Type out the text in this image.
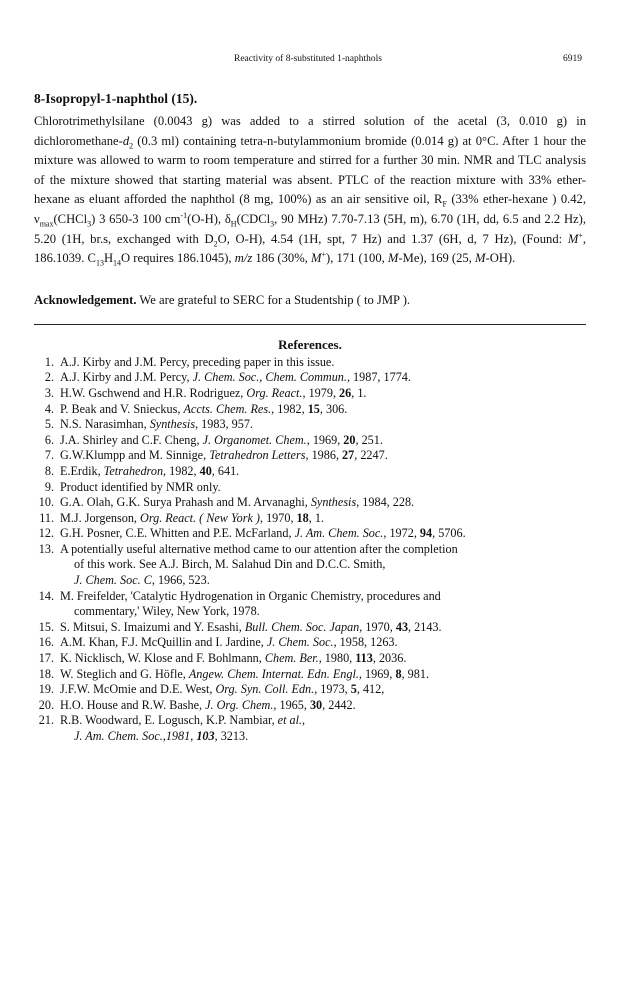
Reactivity of 8-substituted 1-naphthols	6919
8-Isopropyl-1-naphthol (15).

Chlorotrimethylsilane (0.0043 g) was added to a stirred solution of the acetal (3, 0.010 g) in dichloromethane-$d_2$ (0.3 ml) containing tetra-n-butylammonium bromide (0.014 g) at 0°C. After 1 hour the mixture was allowed to warm to room temperature and stirred for a further 30 min. NMR and TLC analysis of the mixture showed that starting material was absent. PTLC of the reaction mixture with 33% ether-hexane as eluant afforded the naphthol (8 mg, 100%) as an air sensitive oil, $R_F$ (33% ether-hexane ) 0.42, $\nu_{max}(CHCl_3)$ 3 650-3 100 $cm^{-1}(O-H)$, $\delta_H(CDCl_3$, 90 MHz) 7.70-7.13 (5H, m), 6.70 (1H, dd, 6.5 and 2.2 Hz), 5.20 (1H, br.s, exchanged with $D_2O$, O-H), 4.54 (1H, spt, 7 Hz) and 1.37 (6H, d, 7 Hz), (Found: M+, 186.1039. $C_{13}H_{14}O$ requires 186.1045), m/z 186 (30%, M+), 171 (100, M-Me), 169 (25, M-OH).

Acknowledgement. We are grateful to SERC for a Studentship ( to JMP ).

References.
1. A.J. Kirby and J.M. Percy, preceding paper in this issue.
2. A.J. Kirby and J.M. Percy, J. Chem. Soc., Chem. Commun., 1987, 1774.
3. H.W. Gschwend and H.R. Rodriguez, Org. React., 1979, 26, 1.
4. P. Beak and V. Snieckus, Accts. Chem. Res., 1982, 15, 306.
5. N.S. Narasimhan, Synthesis, 1983, 957.
6. J.A. Shirley and C.F. Cheng, J. Organomet. Chem., 1969, 20, 251.
7. G.W.Klumpp and M. Sinnige, Tetrahedron Letters, 1986, 27, 2247.
8. E.Erdik, Tetrahedron, 1982, 40, 641.
9. Product identified by NMR only.
10. G.A. Olah, G.K. Surya Prahash and M. Arvanaghi, Synthesis, 1984, 228.
11. M.J. Jorgenson, Org. React. ( New York ), 1970, 18, 1.
12. G.H. Posner, C.E. Whitten and P.E. McFarland, J. Am. Chem. Soc., 1972, 94, 5706.
13. A potentially useful alternative method came to our attention after the completion
of this work. See A.J. Birch, M. Salahud Din and D.C.C. Smith,
J. Chem. Soc. C, 1966, 523.
14. M. Freifelder, 'Catalytic Hydrogenation in Organic Chemistry, procedures and
commentary,' Wiley, New York, 1978.
15. S. Mitsui, S. Imaizumi and Y. Esashi, Bull. Chem. Soc. Japan, 1970, 43, 2143.
16. A.M. Khan, F.J. McQuillin and I. Jardine, J. Chem. Soc., 1958, 1263.
17. K. Nicklisch, W. Klose and F. Bohlmann, Chem. Ber., 1980, 113, 2036.
18. W. Steglich and G. Höfle, Angew. Chem. Internat. Edn. Engl., 1969, 8, 981.
19. J.F.W. McOmie and D.E. West, Org. Syn. Coll. Edn., 1973, 5, 412,
20. H.O. House and R.W. Bashe, J. Org. Chem., 1965, 30, 2442.
21. R.B. Woodward, E. Logusch, K.P. Nambiar, et al.,
J. Am. Chem. Soc.,1981, 103, 3213.
